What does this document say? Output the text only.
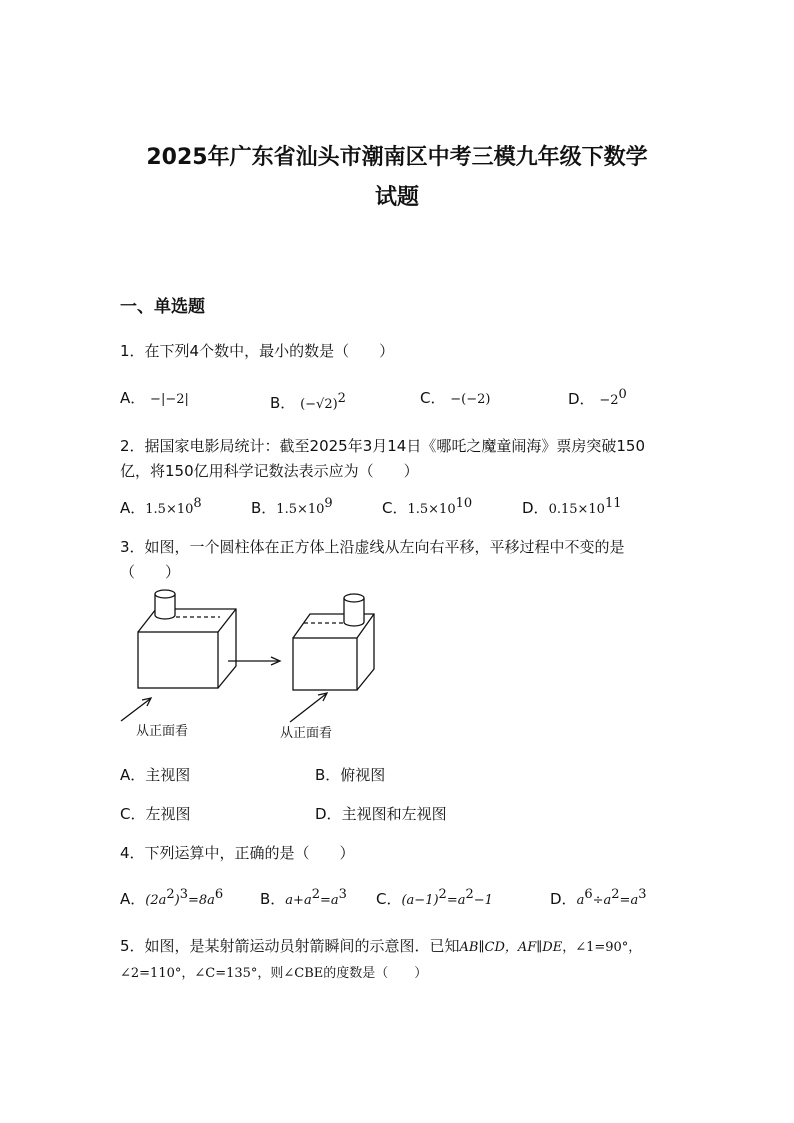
2025年广东省汕头市潮南区中考三模九年级下数学
试题
一、单选题
1．在下列4个数中，最小的数是（　　）
A． −|−2|	B． $(-√2)^2$	C． −(−2)	D． $-2^0$
2．据国家电影局统计：截至2025年3月14日《哪吒之魔童闹海》票房突破150
亿，将150亿用科学记数法表示应为（　　）
A．$1.5\times 10^8$	B．$1.5\times 10^9$	C．$1.5\times 10^{10}$	D．$0.15\times 10^{11}$
3．如图，一个圆柱体在正方体上沿虚线从左向右平移，平移过程中不变的是
（　　）
从正面看	从正面看
A．主视图	B．俯视图
C．左视图	D．主视图和左视图
4．下列运算中，正确的是（　　）
A．$(2a^2)^3=8a^6$ B．$a+a^2=a^3$ C．$(a-1)^2=a^2-1$	D．$a^6\div a^2=a^3$
5．如图，是某射箭运动员射箭瞬间的示意图．已知AB∥CD，AF∥DE，∠1=90°，
∠2=110°，∠C=135°，则∠CBE的度数是（　　）
